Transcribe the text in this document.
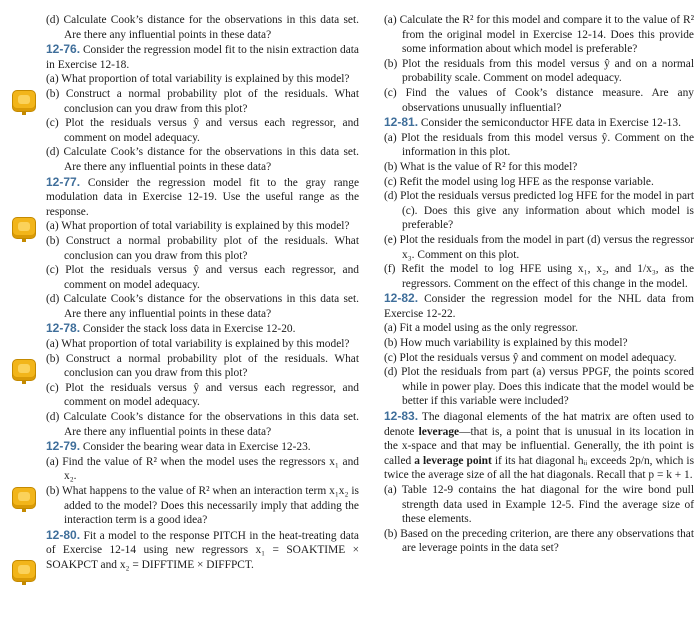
(d) Calculate Cook’s distance for the observations in this data set. Are there any influential points in these data?

12-76. Consider the regression model fit to the nisin extraction data in Exercise 12-18.

(a) What proportion of total variability is explained by this model?

(b) Construct a normal probability plot of the residuals. What conclusion can you draw from this plot?

(c) Plot the residuals versus ŷ and versus each regressor, and comment on model adequacy.

(d) Calculate Cook’s distance for the observations in this data set. Are there any influential points in these data?

12-77. Consider the regression model fit to the gray range modulation data in Exercise 12-19. Use the useful range as the response.

(a) What proportion of total variability is explained by this model?

(b) Construct a normal probability plot of the residuals. What conclusion can you draw from this plot?

(c) Plot the residuals versus ŷ and versus each regressor, and comment on model adequacy.

(d) Calculate Cook’s distance for the observations in this data set. Are there any influential points in these data?

12-78. Consider the stack loss data in Exercise 12-20.

(a) What proportion of total variability is explained by this model?

(b) Construct a normal probability plot of the residuals. What conclusion can you draw from this plot?

(c) Plot the residuals versus ŷ and versus each regressor, and comment on model adequacy.

(d) Calculate Cook’s distance for the observations in this data set. Are there any influential points in these data?

12-79. Consider the bearing wear data in Exercise 12-23.

(a) Find the value of R² when the model uses the regressors x₁ and x₂.

(b) What happens to the value of R² when an interaction term x₁x₂ is added to the model? Does this necessarily imply that adding the interaction term is a good idea?

12-80. Fit a model to the response PITCH in the heat-treating data of Exercise 12-14 using new regressors x₁ = SOAKTIME × SOAKPCT and x₂ = DIFFTIME × DIFFPCT.

(a) Calculate the R² for this model and compare it to the value of R² from the original model in Exercise 12-14. Does this provide some information about which model is preferable?

(b) Plot the residuals from this model versus ŷ and on a normal probability scale. Comment on model adequacy.

(c) Find the values of Cook’s distance measure. Are any observations unusually influential?

12-81. Consider the semiconductor HFE data in Exercise 12-13.

(a) Plot the residuals from this model versus ŷ. Comment on the information in this plot.

(b) What is the value of R² for this model?

(c) Refit the model using log HFE as the response variable.

(d) Plot the residuals versus predicted log HFE for the model in part (c). Does this give any information about which model is preferable?

(e) Plot the residuals from the model in part (d) versus the regressor x₃. Comment on this plot.

(f) Refit the model to log HFE using x₁, x₂, and 1/x₃, as the regressors. Comment on the effect of this change in the model.

12-82. Consider the regression model for the NHL data from Exercise 12-22.

(a) Fit a model using as the only regressor.

(b) How much variability is explained by this model?

(c) Plot the residuals versus ŷ and comment on model adequacy.

(d) Plot the residuals from part (a) versus PPGF, the points scored while in power play. Does this indicate that the model would be better if this variable were included?

12-83. The diagonal elements of the hat matrix are often used to denote leverage—that is, a point that is unusual in its location in the x-space and that may be influential. Generally, the ith point is called a leverage point if its hat diagonal hᵢᵢ exceeds 2p/n, which is twice the average size of all the hat diagonals. Recall that p = k + 1.

(a) Table 12-9 contains the hat diagonal for the wire bond pull strength data used in Example 12-5. Find the average size of these elements.

(b) Based on the preceding criterion, are there any observations that are leverage points in the data set?
